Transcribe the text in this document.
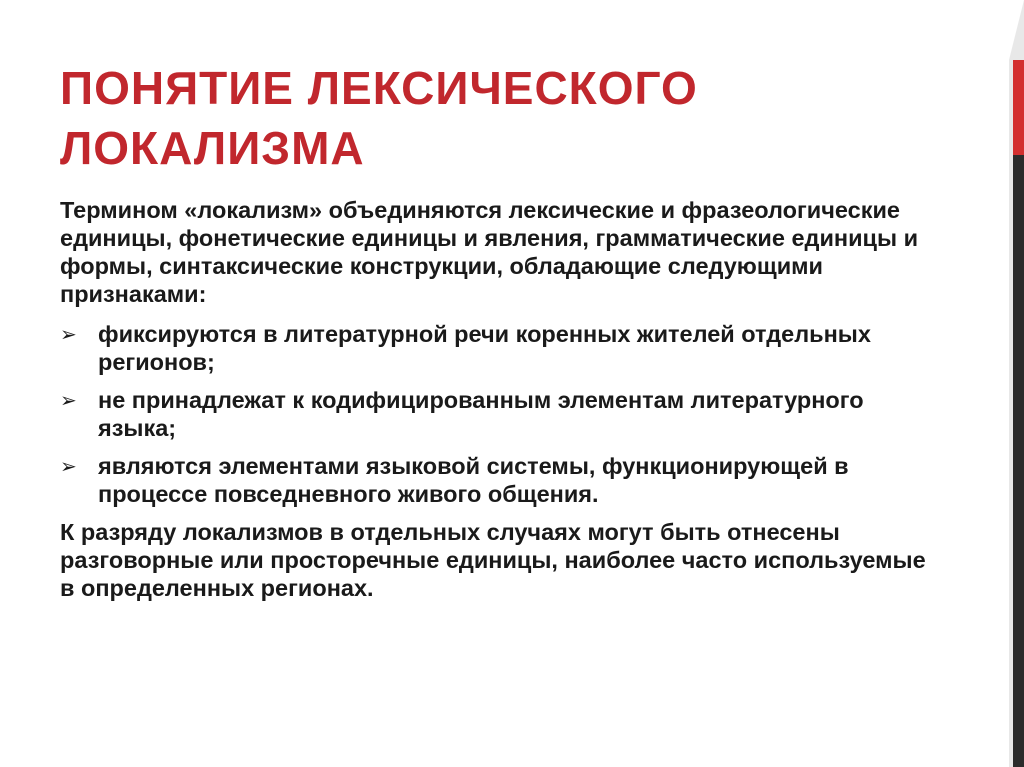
ПОНЯТИЕ ЛЕКСИЧЕСКОГО ЛОКАЛИЗМА

Термином «локализм» объединяются лексические и фразеологические единицы, фонетические единицы и явления, грамматические единицы и формы, синтаксические конструкции, обладающие следующими признаками:

➢ фиксируются в литературной речи коренных жителей отдельных регионов;
➢ не принадлежат к кодифицированным элементам литературного языка;
➢ являются элементами языковой системы, функционирующей в процессе повседневного живого общения.

К разряду локализмов в отдельных случаях могут быть отнесены разговорные или просторечные единицы, наиболее часто используемые в определенных регионах.
